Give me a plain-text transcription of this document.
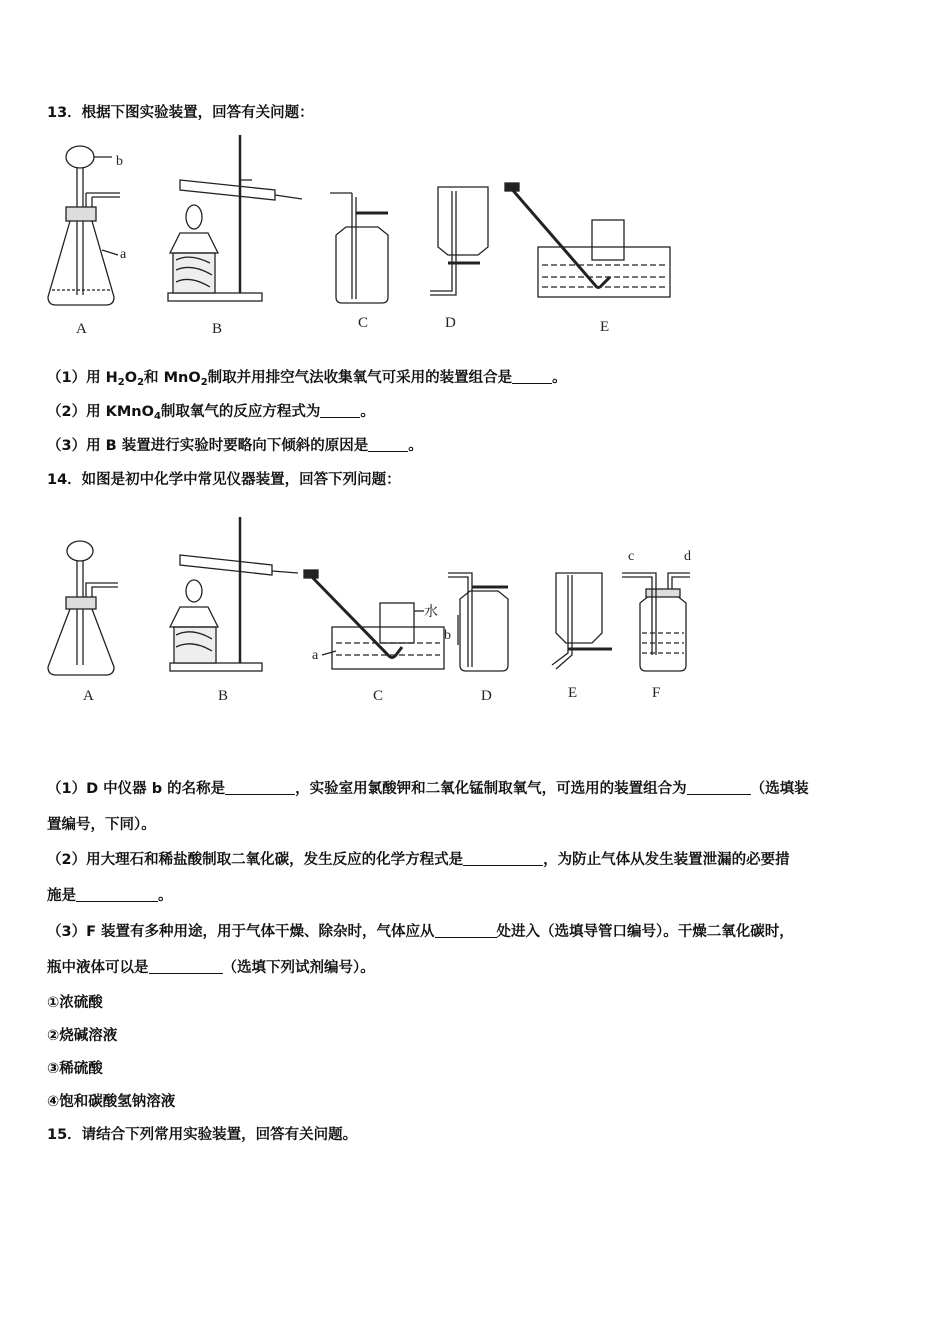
13．根据下图实验装置，回答有关问题：
b
a
A	B	C	D	E
（1）用 $H_2O_2$和 MnO$_2$制取并用排空气法收集氧气可采用的装置组合是	。
（2）用 KMnO$_4$制取氧气的反应方程式为	。
（3）用 B 装置进行实验时要略向下倾斜的原因是	。
14．如图是初中化学中常见仪器装置，回答下列问题：
A	B
水
a
C
b
D	E
c	d
F
（1）D 中仪器 b 的名称是	，实验室用氯酸钾和二氧化锰制取氧气，可选用的装置组合为	（选填装
置编号，下同）。
（2）用大理石和稀盐酸制取二氧化碳，发生反应的化学方程式是	，为防止气体从发生装置泄漏的必要措
施是	。
（3）F 装置有多种用途，用于气体干燥、除杂时，气体应从	处进入（选填导管口编号）。干燥二氧化碳时，
瓶中液体可以是	（选填下列试剂编号）。
①浓硫酸
②烧碱溶液
③稀硫酸
④饱和碳酸氢钠溶液
15．请结合下列常用实验装置，回答有关问题。
